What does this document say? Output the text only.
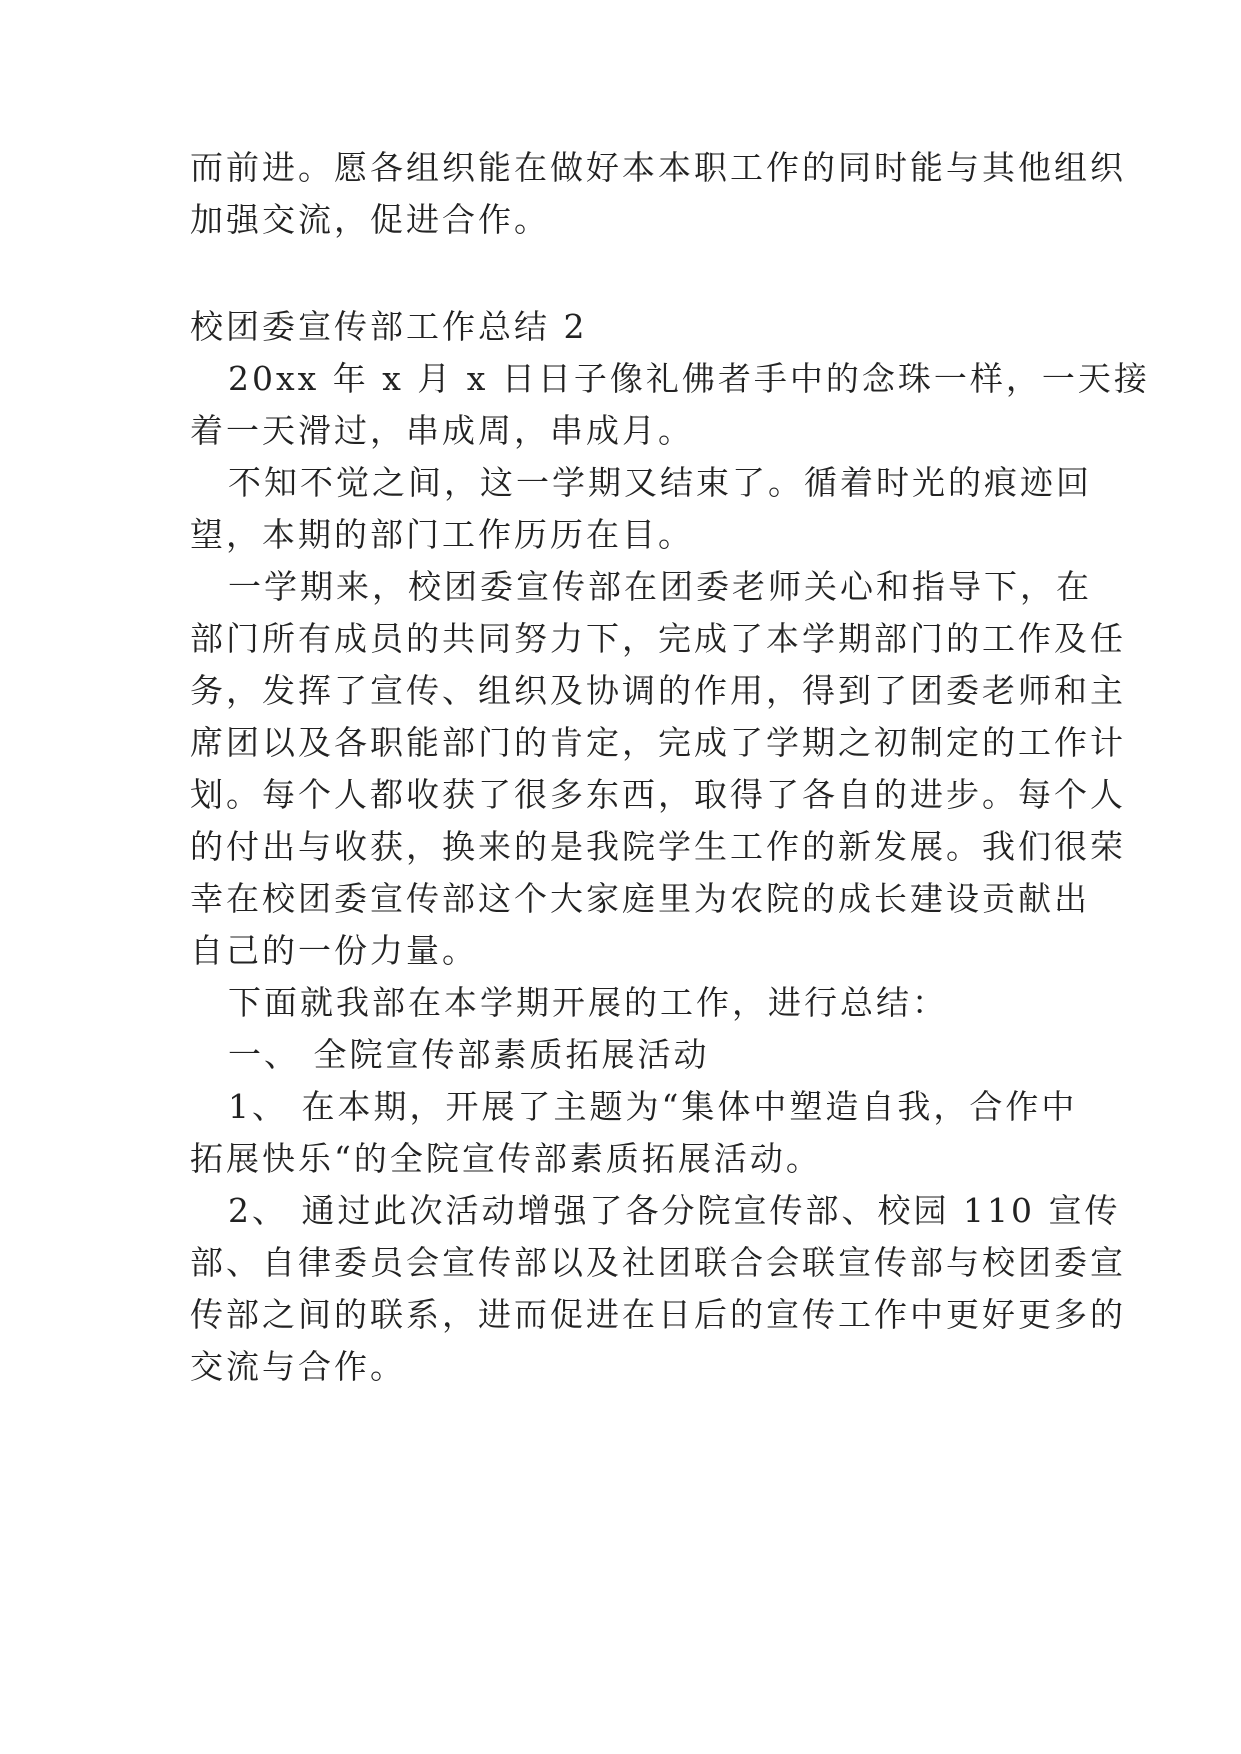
而前进。愿各组织能在做好本本职工作的同时能与其他组织
加强交流，促进合作。
校团委宣传部工作总结 2
20xx 年 x 月 x 日日子像礼佛者手中的念珠一样，一天接
着一天滑过，串成周，串成月。
不知不觉之间，这一学期又结束了。循着时光的痕迹回
望，本期的部门工作历历在目。
一学期来，校团委宣传部在团委老师关心和指导下，在
部门所有成员的共同努力下，完成了本学期部门的工作及任
务，发挥了宣传、组织及协调的作用，得到了团委老师和主
席团以及各职能部门的肯定，完成了学期之初制定的工作计
划。每个人都收获了很多东西，取得了各自的进步。每个人
的付出与收获，换来的是我院学生工作的新发展。我们很荣
幸在校团委宣传部这个大家庭里为农院的成长建设贡献出
自己的一份力量。
下面就我部在本学期开展的工作，进行总结：
一、 全院宣传部素质拓展活动
1、 在本期，开展了主题为“集体中塑造自我，合作中
拓展快乐“的全院宣传部素质拓展活动。
2、 通过此次活动增强了各分院宣传部、校园 110 宣传
部、自律委员会宣传部以及社团联合会联宣传部与校团委宣
传部之间的联系，进而促进在日后的宣传工作中更好更多的
交流与合作。
